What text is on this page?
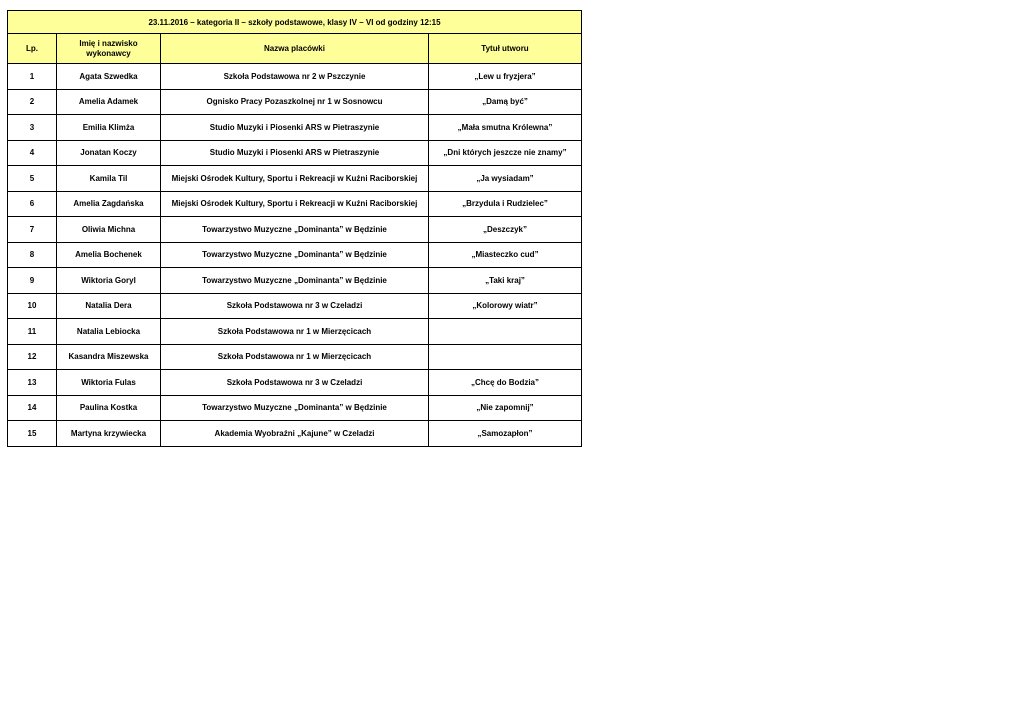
23.11.2016 – kategoria II – szkoły podstawowe, klasy IV – VI od godziny 12:15			
Lp.	Imię i nazwisko wykonawcy	Nazwa placówki	Tytuł utworu
1	Agata Szwedka	Szkoła Podstawowa nr 2 w Pszczynie	„Lew u fryzjera”
2	Amelia Adamek	Ognisko Pracy Pozaszkolnej nr 1 w Sosnowcu	„Damą być”
3	Emilia Klimża	Studio Muzyki i Piosenki ARS w Pietraszynie	„Mała smutna Królewna”
4	Jonatan Koczy	Studio Muzyki i Piosenki ARS w Pietraszynie	„Dni których jeszcze nie znamy”
5	Kamila Til	Miejski Ośrodek Kultury, Sportu i Rekreacji w Kuźni Raciborskiej	„Ja wysiadam”
6	Amelia Zagdańska	Miejski Ośrodek Kultury, Sportu i Rekreacji w Kuźni Raciborskiej	„Brzydula i Rudzielec”
7	Oliwia Michna	Towarzystwo Muzyczne „Dominanta” w Będzinie	„Deszczyk”
8	Amelia Bochenek	Towarzystwo Muzyczne „Dominanta” w Będzinie	„Miasteczko cud”
9	Wiktoria Goryl	Towarzystwo Muzyczne „Dominanta” w Będzinie	„Taki kraj”
10	Natalia Dera	Szkoła Podstawowa nr 3 w Czeladzi	„Kolorowy wiatr”
11	Natalia Lebiocka	Szkoła Podstawowa nr 1 w Mierzęcicach	
12	Kasandra Miszewska	Szkoła Podstawowa nr 1 w Mierzęcicach	
13	Wiktoria Fulas	Szkoła Podstawowa nr 3 w Czeladzi	„Chcę do Bodzia”
14	Paulina Kostka	Towarzystwo Muzyczne „Dominanta” w Będzinie	„Nie zapomnij”
15	Martyna krzywiecka	Akademia Wyobraźni „Kajune” w Czeladzi	„Samozapłon”
